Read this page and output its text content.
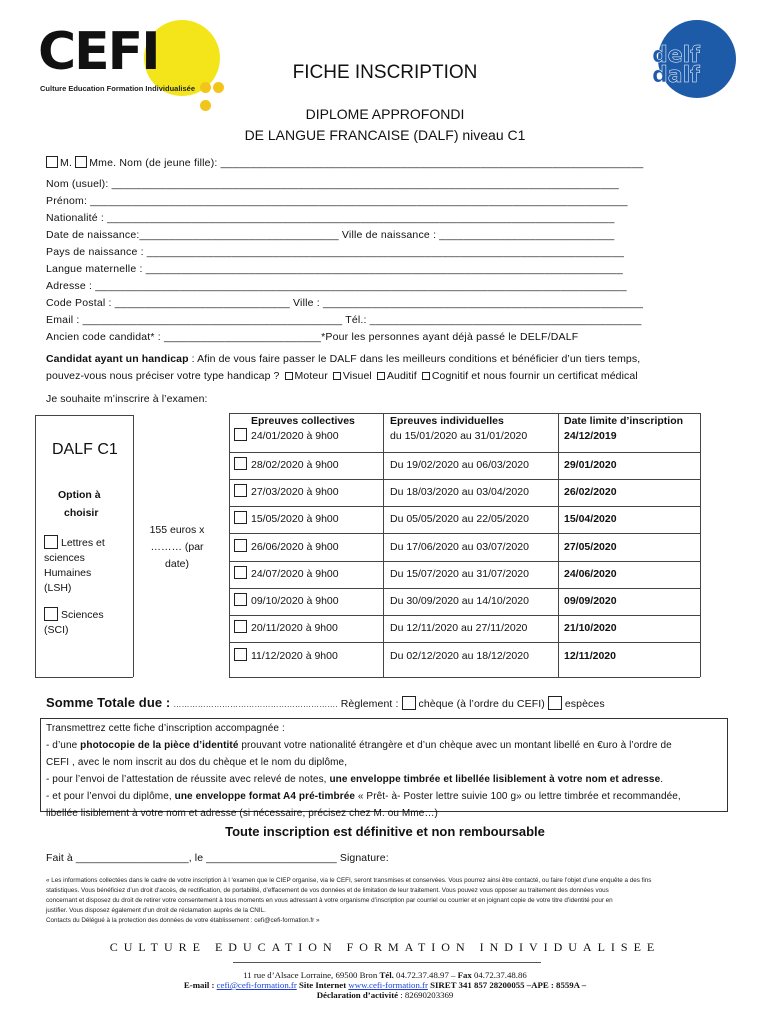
CEFI
Culture Education Formation Individualisée
delf
dalf
FICHE INSCRIPTION
DIPLOME APPROFONDI
DE LANGUE FRANCAISE (DALF) niveau C1
M. Mme. Nom (de jeune fille): ______________________________________________________________________
Nom (usuel): ____________________________________________________________________________________
Prénom: _________________________________________________________________________________________
Nationalité : ____________________________________________________________________________________
Date de naissance:_________________________________ Ville de naissance : _____________________________
Pays de naissance : _______________________________________________________________________________
Langue maternelle : _______________________________________________________________________________
Adresse : ________________________________________________________________________________________
Code Postal : _____________________________ Ville : _____________________________________________________
Email : ___________________________________________ Tél.: _____________________________________________
Ancien code candidat* : __________________________*Pour les personnes ayant déjà passé le DELF/DALF
Candidat ayant un handicap : Afin de vous faire passer le DALF dans les meilleurs conditions et bénéficier d’un tiers temps,
pouvez-vous nous préciser votre type handicap ? Moteur Visuel Auditif Cognitif et nous fournir un certificat médical
Je souhaite m’inscrire à l’examen:
DALF C1
Option à
choisir
Lettres et
sciences
Humaines
(LSH)
Sciences
(SCI)
155 euros x
……… (par
date)
Epreuves collectives	Epreuves individuelles	Date limite d’inscription
24/01/2020 à 9h00	du 15/01/2020 au 31/01/2020	24/12/2019
28/02/2020 à 9h00	Du 19/02/2020 au 06/03/2020	29/01/2020
27/03/2020 à 9h00	Du 18/03/2020 au 03/04/2020	26/02/2020
15/05/2020 à 9h00	Du 05/05/2020 au 22/05/2020	15/04/2020
26/06/2020 à 9h00	Du 17/06/2020 au 03/07/2020	27/05/2020
24/07/2020 à 9h00	Du 15/07/2020 au 31/07/2020	24/06/2020
09/10/2020 à 9h00	Du 30/09/2020 au 14/10/2020	09/09/2020
20/11/2020 à 9h00	Du 12/11/2020 au 27/11/2020	21/10/2020
11/12/2020 à 9h00	Du 02/12/2020 au 18/12/2020	12/11/2020
Somme Totale due : ……………………………………………………. Règlement : chèque (à l’ordre du CEFI) espèces
Transmettrez cette fiche d’inscription accompagnée :
- d’une photocopie de la pièce d’identité prouvant votre nationalité étrangère et d’un chèque avec un montant libellé en €uro à l’ordre de
CEFI , avec le nom inscrit au dos du chèque et le nom du diplôme,
- pour l’envoi de l’attestation de réussite avec relevé de notes, une enveloppe timbrée et libellée lisiblement à votre nom et adresse.
- et pour l’envoi du diplôme, une enveloppe format A4 pré-timbrée « Prêt- à- Poster lettre suivie 100 g» ou lettre timbrée et recommandée,
libellée lisiblement à votre nom et adresse (si nécessaire, précisez chez M. ou Mme…)
Toute inscription est définitive et non remboursable
Fait à ___________________, le ______________________ Signature:
« Les informations collectées dans le cadre de votre inscription à l ‘examen que le CIEP organise, via le CEFI, seront transmises et conservées. Vous pourrez ainsi être contacté, ou faire l’objet d’une enquête a des fins
statistiques. Vous bénéficiez d’un droit d’accès, de rectification, de portabilité, d’effacement de vos données et de limitation de leur traitement. Vous pouvez vous opposer au traitement des données vous
concernant et disposez du droit de retirer votre consentement à tous moments en vous adressant à votre organisme d’inscription par courriel ou courrier et en joignant copie de votre titre d’identité pour en
justifier. Vous disposez également d’un droit de réclamation auprès de la CNIL.
Contacts du Délégué à la protection des données de votre établissement : cefi@cefi-formation.fr »
CULTURE EDUCATION FORMATION INDIVIDUALISEE
11 rue d’Alsace Lorraine, 69500 Bron Tél. 04.72.37.48.97 – Fax 04.72.37.48.86
E-mail : cefi@cefi-formation.fr Site Internet www.cefi-formation.fr SIRET 341 857 282000​55 –APE : 8559A –
Déclaration d’activité : 82690203369
